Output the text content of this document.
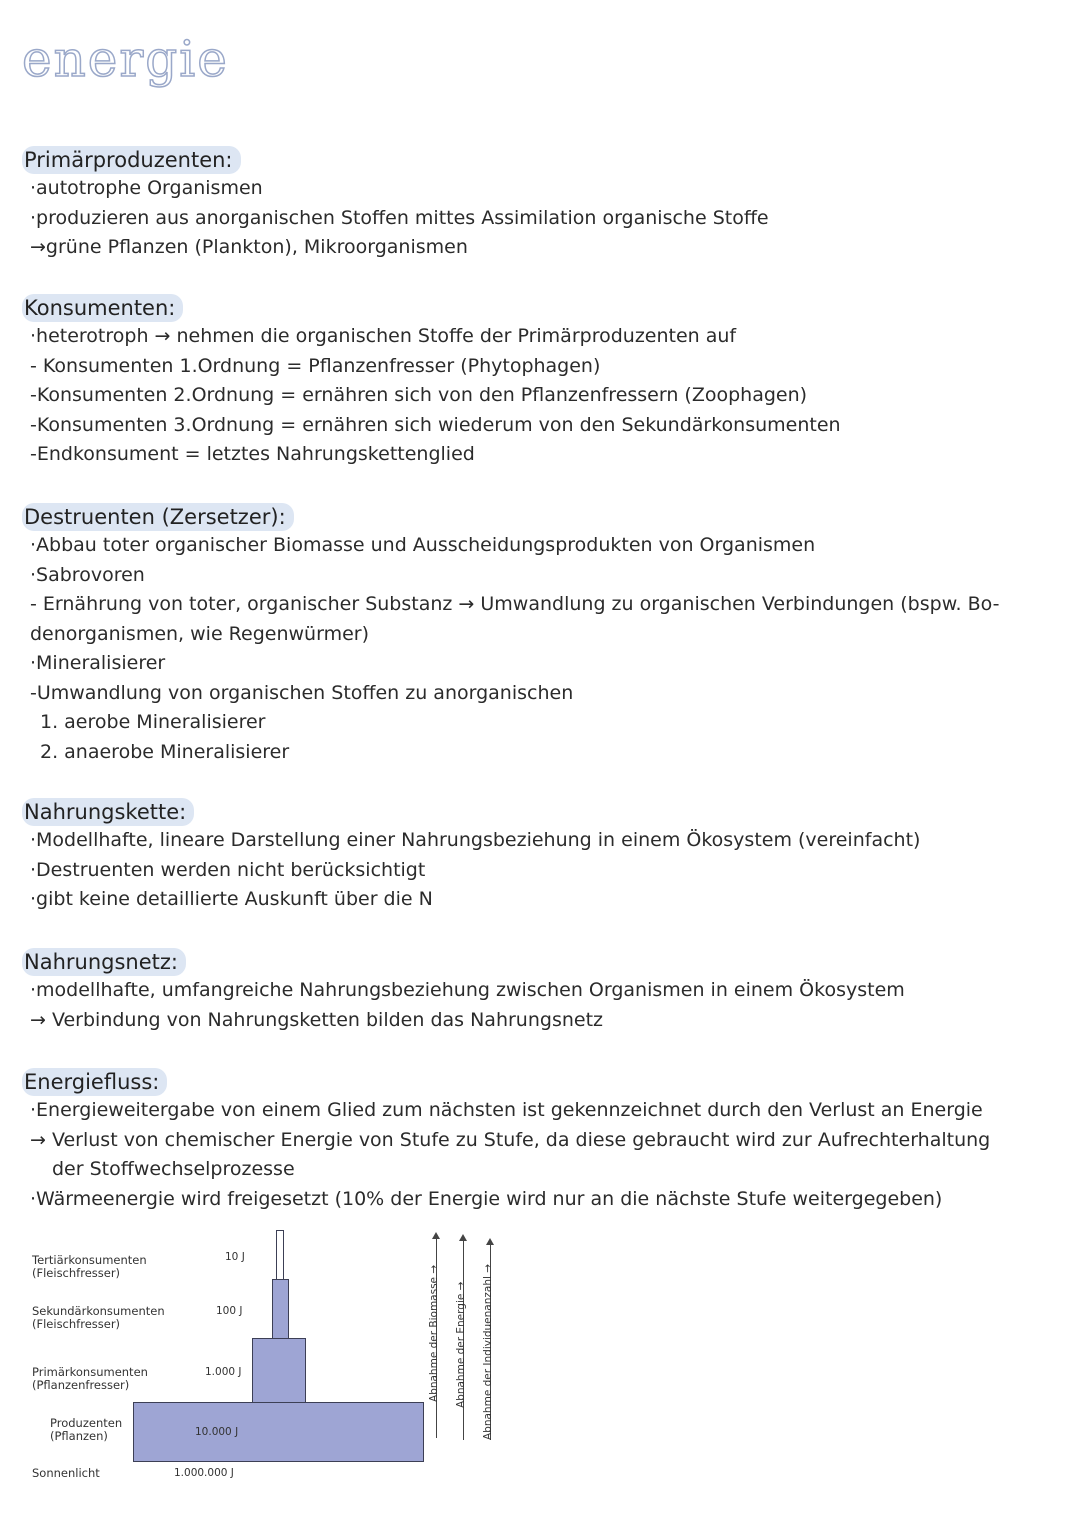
energie
Primärproduzenten:
·autotrophe Organismen
·produzieren aus anorganischen Stoffen mittes Assimilation organische Stoffe
→grüne Pflanzen (Plankton), Mikroorganismen
Konsumenten:
·heterotroph → nehmen die organischen Stoffe der Primärproduzenten auf
- Konsumenten 1.Ordnung = Pflanzenfresser (Phytophagen)
-Konsumenten 2.Ordnung = ernähren sich von den Pflanzenfressern (Zoophagen)
-Konsumenten 3.Ordnung = ernähren sich wiederum von den Sekundärkonsumenten
-Endkonsument = letztes Nahrungskettenglied
Destruenten (Zersetzer):
·Abbau toter organischer Biomasse und Ausscheidungsprodukten von Organismen
·Sabrovoren
- Ernährung von toter, organischer Substanz → Umwandlung zu organischen Verbindungen (bspw. Bo-
denorganismen, wie Regenwürmer)
·Mineralisierer
-Umwandlung von organischen Stoffen zu anorganischen
1. aerobe Mineralisierer
2. anaerobe Mineralisierer
Nahrungskette:
·Modellhafte, lineare Darstellung einer Nahrungsbeziehung in einem Ökosystem (vereinfacht)
·Destruenten werden nicht berücksichtigt
·gibt keine detaillierte Auskunft über die N
Nahrungsnetz:
·modellhafte, umfangreiche Nahrungsbeziehung zwischen Organismen in einem Ökosystem
→ Verbindung von Nahrungsketten bilden das Nahrungsnetz
Energiefluss:
·Energieweitergabe von einem Glied zum nächsten ist gekennzeichnet durch den Verlust an Energie
→ Verlust von chemischer Energie von Stufe zu Stufe, da diese gebraucht wird zur Aufrechterhaltung
der Stoffwechselprozesse
·Wärmeenergie wird freigesetzt (10% der Energie wird nur an die nächste Stufe weitergegeben)
Tertiärkonsumenten
(Fleischfresser)
Sekundärkonsumenten
(Fleischfresser)
Primärkonsumenten
(Pflanzenfresser)
Produzenten
(Pflanzen)
Sonnenlicht
10 J
100 J
1.000 J
10.000 J
1.000.000 J
Abnahme der Biomasse → Abnahme der Energie → Abnahme der Individuenanzahl →
